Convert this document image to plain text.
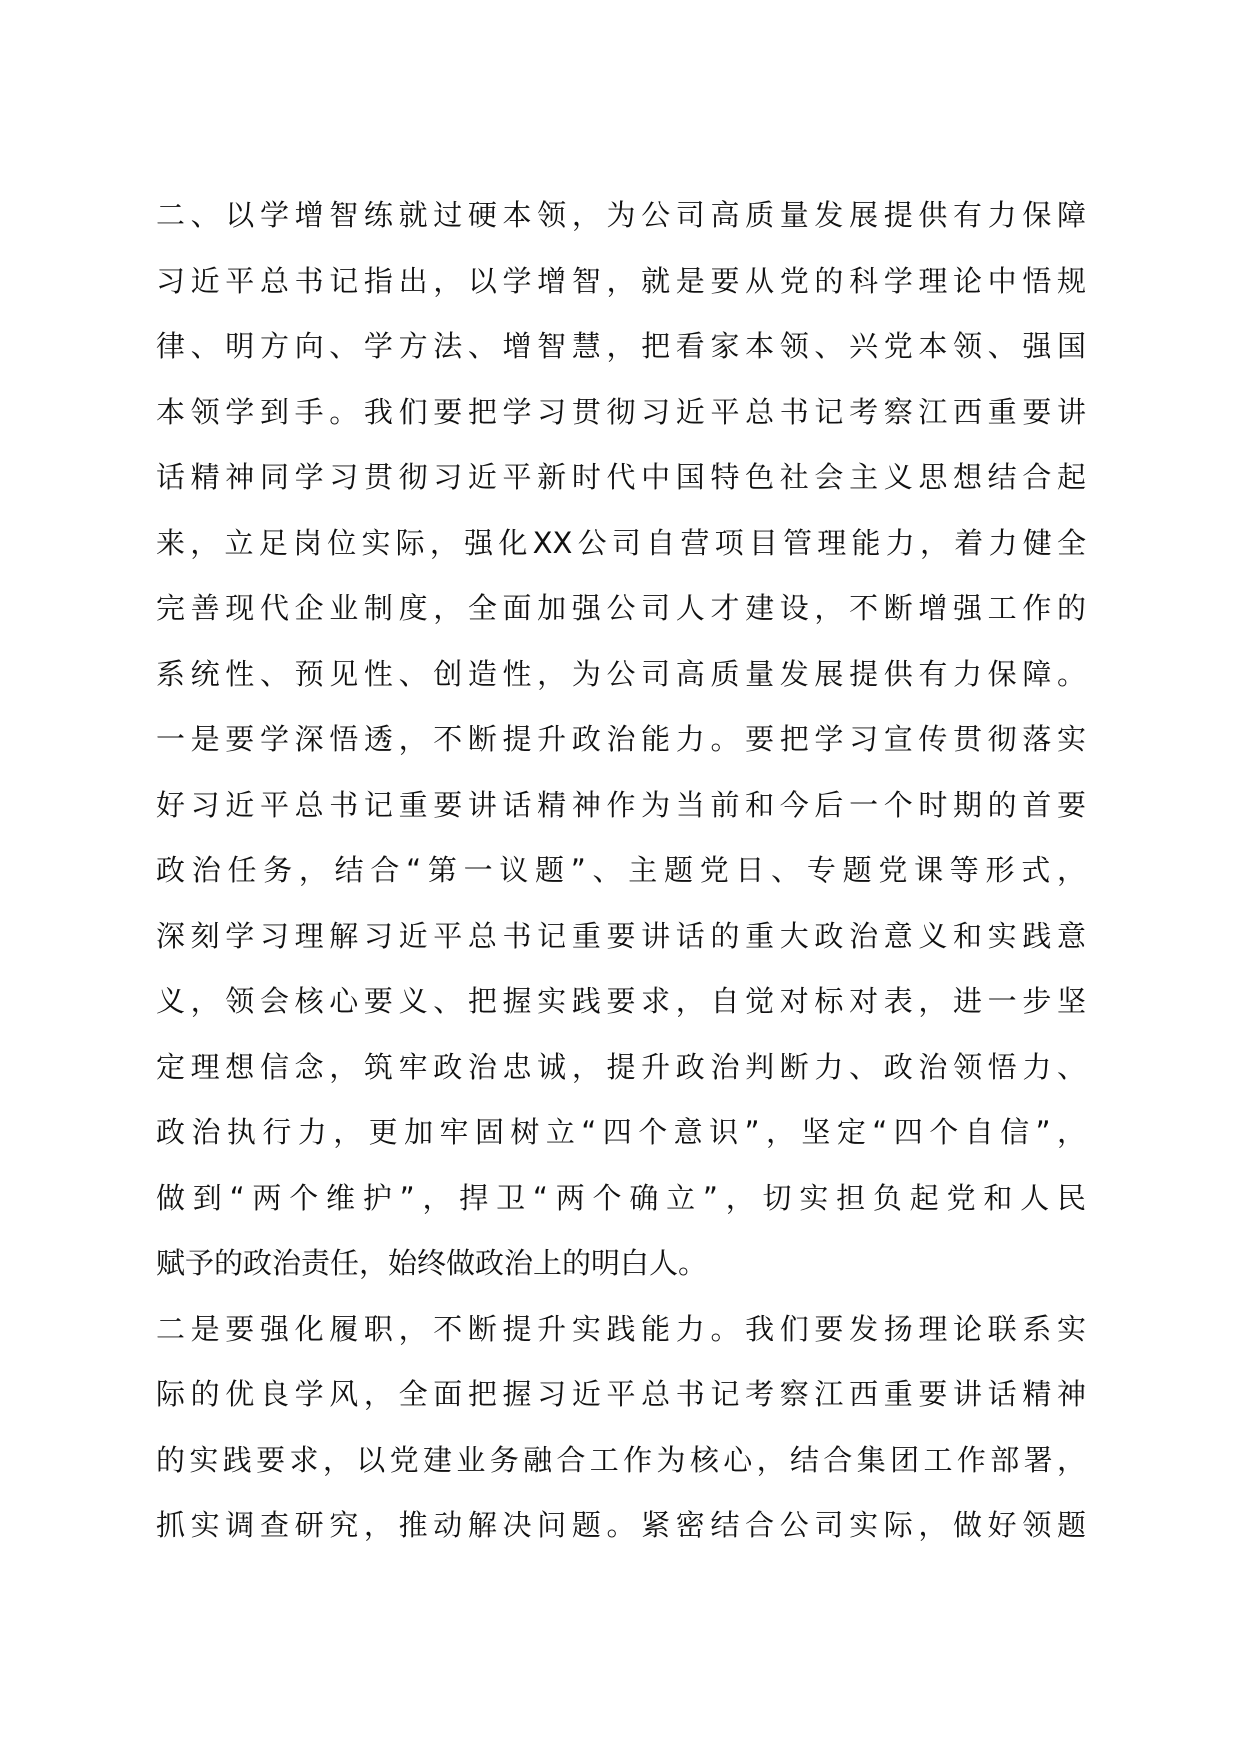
二、以学增智练就过硬本领，为公司高质量发展提供有力保障
习近平总书记指出，以学增智，就是要从党的科学理论中悟规
律、明方向、学方法、增智慧，把看家本领、兴党本领、强国
本领学到手。我们要把学习贯彻习近平总书记考察江西重要讲
话精神同学习贯彻习近平新时代中国特色社会主义思想结合起
来，立足岗位实际，强化XX公司自营项目管理能力，着力健全
完善现代企业制度，全面加强公司人才建设，不断增强工作的
系统性、预见性、创造性，为公司高质量发展提供有力保障。
一是要学深悟透，不断提升政治能力。要把学习宣传贯彻落实
好习近平总书记重要讲话精神作为当前和今后一个时期的首要
政治任务，结合“第一议题”、主题党日、专题党课等形式，
深刻学习理解习近平总书记重要讲话的重大政治意义和实践意
义，领会核心要义、把握实践要求，自觉对标对表，进一步坚
定理想信念，筑牢政治忠诚，提升政治判断力、政治领悟力、
政治执行力，更加牢固树立“四个意识”，坚定“四个自信”，
做到“两个维护”，捍卫“两个确立”，切实担负起党和人民
赋予的政治责任，始终做政治上的明白人。
二是要强化履职，不断提升实践能力。我们要发扬理论联系实
际的优良学风，全面把握习近平总书记考察江西重要讲话精神
的实践要求，以党建业务融合工作为核心，结合集团工作部署，
抓实调查研究，推动解决问题。紧密结合公司实际，做好领题
